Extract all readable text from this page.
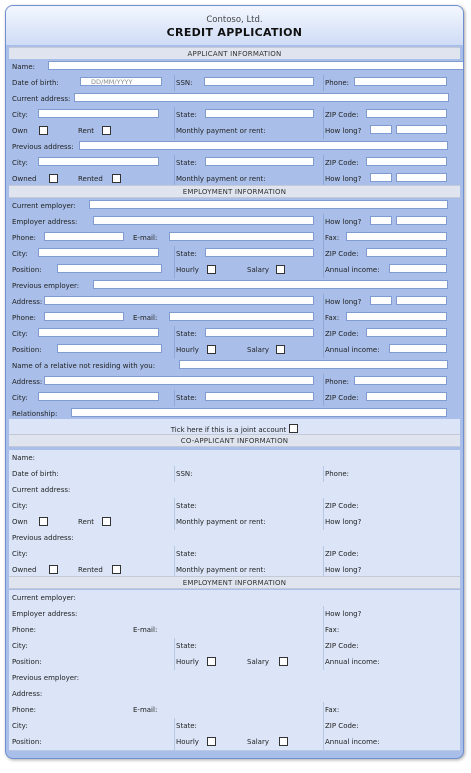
Contoso, Ltd.
CREDIT APPLICATION
APPLICANT INFORMATION
Name:
Date of birth:	DD/MM/YYYY	SSN:	Phone:
Current address:
City:	State:	ZIP Code:
Own	Rent	Monthly payment or rent:	How long?
Previous address:
City:	State:	ZIP Code:
Owned	Rented	Monthly payment or rent:	How long?
EMPLOYMENT INFORMATION
Current employer:
Employer address:	How long?
Phone:	E-mail:	Fax:
City:	State:	ZIP Code:
Position:	Hourly	Salary	Annual income:
Previous employer:
Address:	How long?
Phone:	E-mail:	Fax:
City:	State:	ZIP Code:
Position:	Hourly	Salary	Annual income:
Name of a relative not residing with you:
Address:	Phone:
City:	State:	ZIP Code:
Relationship:
Tick here if this is a joint account
CO-APPLICANT INFORMATION
Name:
Date of birth:	SSN:	Phone:
Current address:
City:	State:	ZIP Code:
Own	Rent	Monthly payment or rent:	How long?
Previous address:
City:	State:	ZIP Code:
Owned	Rented	Monthly payment or rent:	How long?
EMPLOYMENT INFORMATION
Current employer:
Employer address:	How long?
Phone:	E-mail:	Fax:
City:	State:	ZIP Code:
Position:	Hourly	Salary	Annual income:
Previous employer:
Address:
Phone:	E-mail:	Fax:
City:	State:	ZIP Code:
Position:	Hourly	Salary	Annual income:
